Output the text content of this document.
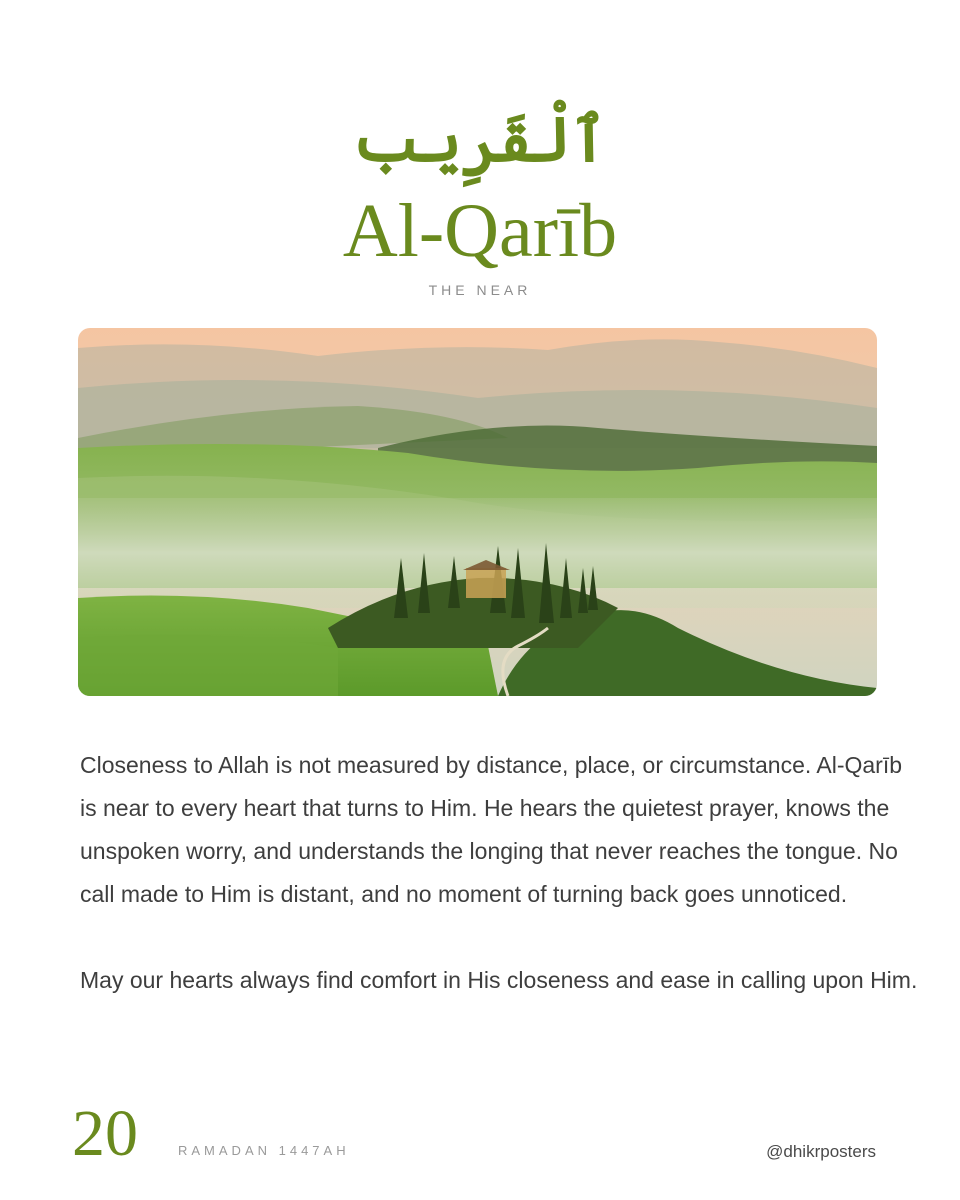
ٱلْقَرِيب
Al-Qarīb
THE NEAR

Closeness to Allah is not measured by distance, place, or circumstance. Al-Qarīb is near to every heart that turns to Him. He hears the quietest prayer, knows the unspoken worry, and understands the longing that never reaches the tongue. No call made to Him is distant, and no moment of turning back goes unnoticed.

May our hearts always find comfort in His closeness and ease in calling upon Him.

20	RAMADAN 1447AH	@dhikrposters
